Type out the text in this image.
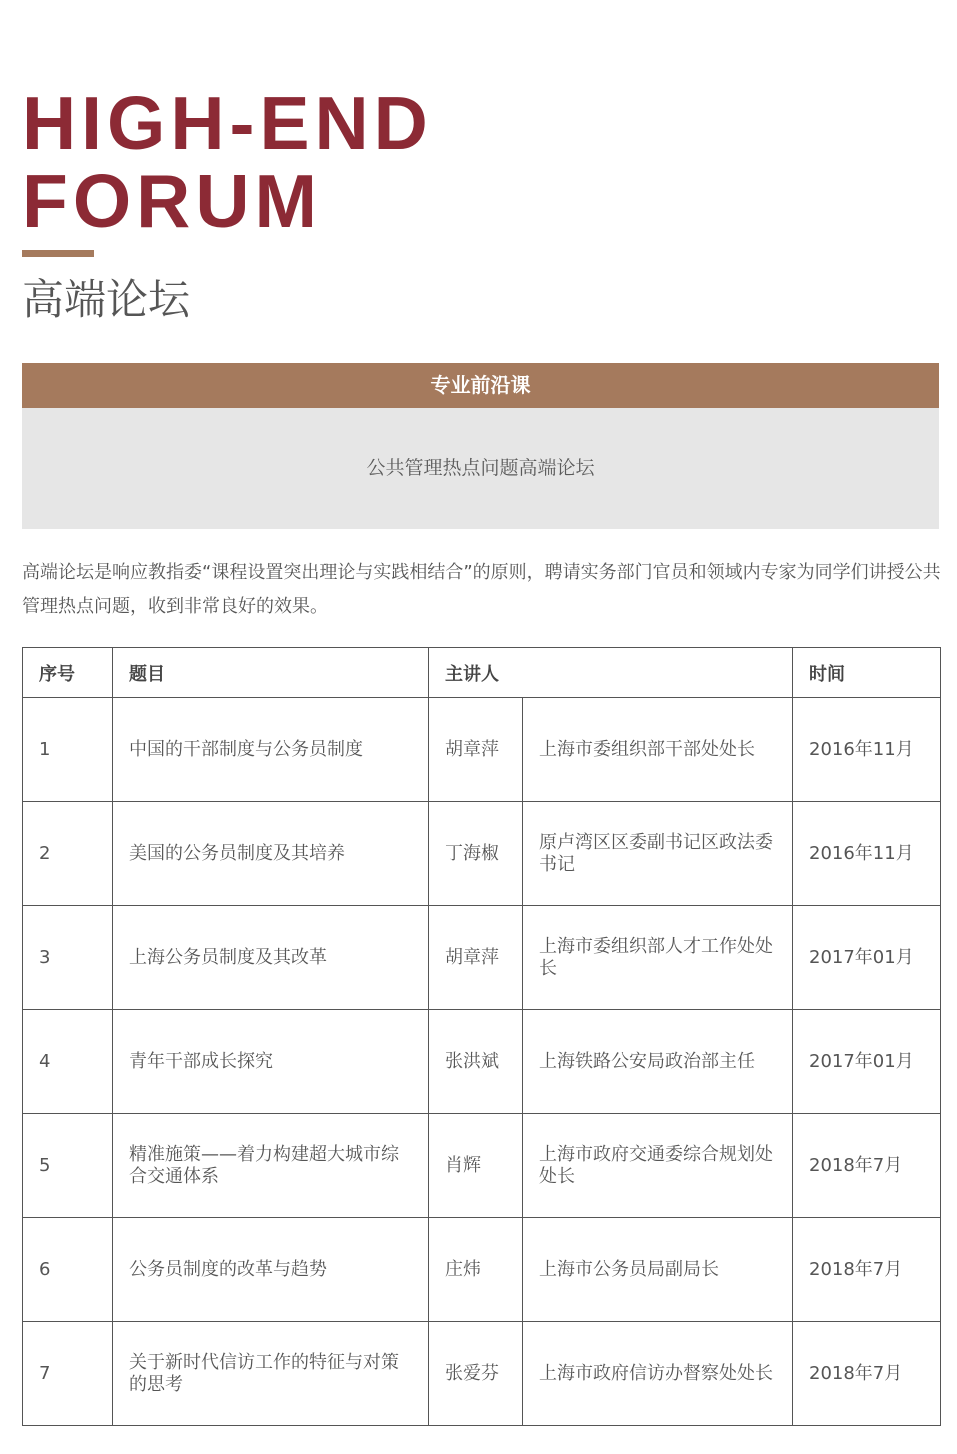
HIGH-END
FORUM
高端论坛
专业前沿课
公共管理热点问题高端论坛
高端论坛是响应教指委“课程设置突出理论与实践相结合”的原则，聘请实务部门官员和领域内专家为同学们讲授公共管理热点问题，收到非常良好的效果。
序号	题目	主讲人		时间
1	中国的干部制度与公务员制度	胡章萍	上海市委组织部干部处处长	2016年11月
2	美国的公务员制度及其培养	丁海椒	原卢湾区区委副书记区政法委书记	2016年11月
3	上海公务员制度及其改革	胡章萍	上海市委组织部人才工作处处长	2017年01月
4	青年干部成长探究	张洪斌	上海铁路公安局政治部主任	2017年01月
5	精准施策——着力构建超大城市综合交通体系	肖辉	上海市政府交通委综合规划处处长	2018年7月
6	公务员制度的改革与趋势	庄炜	上海市公务员局副局长	2018年7月
7	关于新时代信访工作的特征与对策的思考	张爱芬	上海市政府信访办督察处处长	2018年7月
